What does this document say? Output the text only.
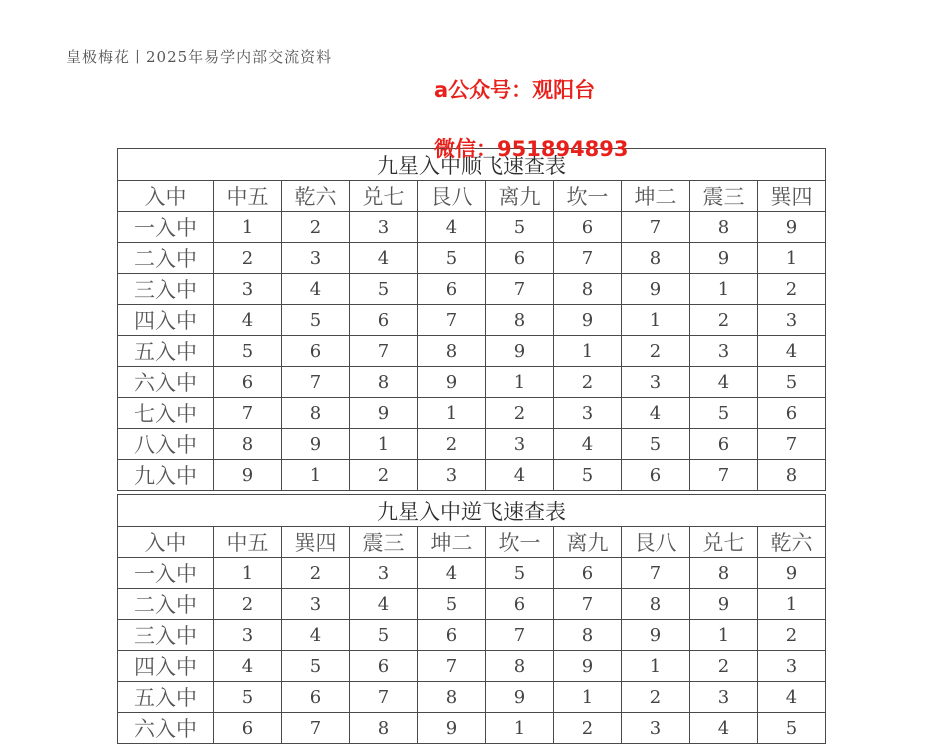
皇极梅花丨2025年易学内部交流资料
a公众号：观阳台
微信：951894893
九星入中顺飞速查表									
入中	中五	乾六	兑七	艮八	离九	坎一	坤二	震三	巽四
一入中	1	2	3	4	5	6	7	8	9
二入中	2	3	4	5	6	7	8	9	1
三入中	3	4	5	6	7	8	9	1	2
四入中	4	5	6	7	8	9	1	2	3
五入中	5	6	7	8	9	1	2	3	4
六入中	6	7	8	9	1	2	3	4	5
七入中	7	8	9	1	2	3	4	5	6
八入中	8	9	1	2	3	4	5	6	7
九入中	9	1	2	3	4	5	6	7	8
九星入中逆飞速查表									
入中	中五	巽四	震三	坤二	坎一	离九	艮八	兑七	乾六
一入中	1	2	3	4	5	6	7	8	9
二入中	2	3	4	5	6	7	8	9	1
三入中	3	4	5	6	7	8	9	1	2
四入中	4	5	6	7	8	9	1	2	3
五入中	5	6	7	8	9	1	2	3	4
六入中	6	7	8	9	1	2	3	4	5
